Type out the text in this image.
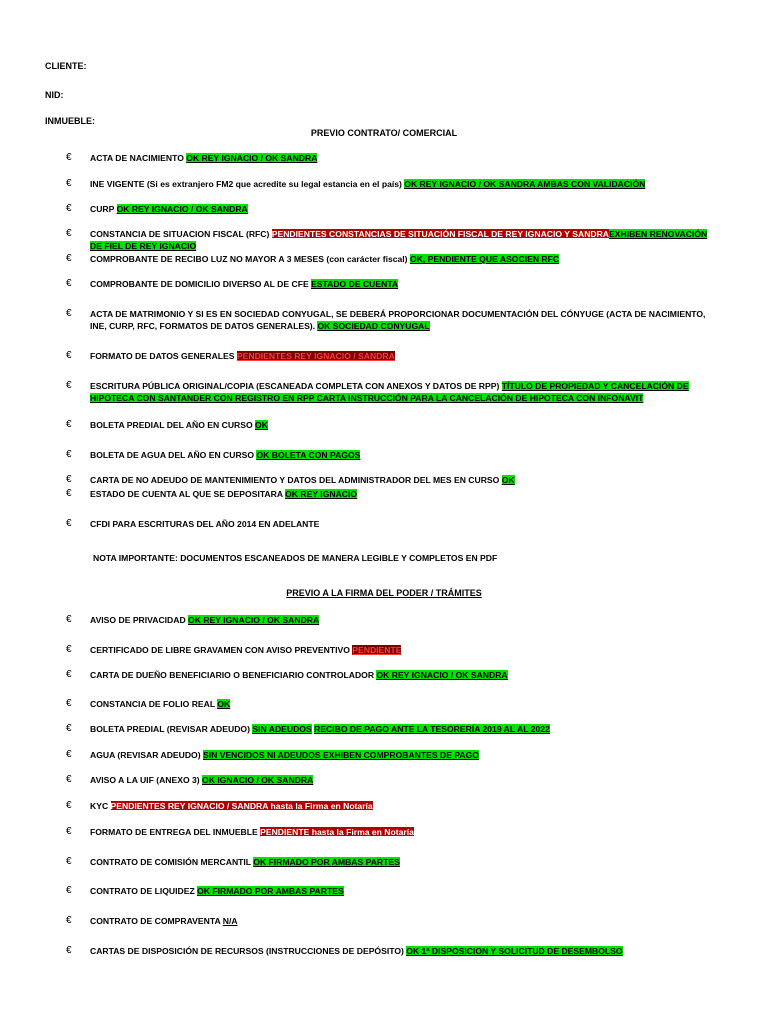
CLIENTE:
NID:
INMUEBLE:
PREVIO CONTRATO/ COMERCIAL
€ ACTA DE NACIMIENTO OK REY IGNACIO / OK SANDRA
€ INE VIGENTE (Si es extranjero FM2 que acredite su legal estancia en el país) OK REY IGNACIO / OK SANDRA AMBAS CON VALIDACIÓN
€ CURP OK REY IGNACIO / OK SANDRA
€ CONSTANCIA DE SITUACION FISCAL (RFC) PENDIENTES CONSTANCIAS DE SITUACIÓN FISCAL DE REY IGNACIO Y SANDRAEXHIBEN RENOVACIÓN DE FIEL DE REY IGNACIO
€ COMPROBANTE DE RECIBO LUZ NO MAYOR A 3 MESES (con carácter fiscal) OK, PENDIENTE QUE ASOCIEN RFC
€ COMPROBANTE DE DOMICILIO DIVERSO AL DE CFE ESTADO DE CUENTA
€ ACTA DE MATRIMONIO Y SI ES EN SOCIEDAD CONYUGAL, SE DEBERÁ PROPORCIONAR DOCUMENTACIÓN DEL CÓNYUGE (ACTA DE NACIMIENTO, INE, CURP, RFC, FORMATOS DE DATOS GENERALES). OK SOCIEDAD CONYUGAL
€ FORMATO DE DATOS GENERALES PENDIENTES REY IGNACIO / SANDRA
€ ESCRITURA PÚBLICA ORIGINAL/COPIA (ESCANEADA COMPLETA CON ANEXOS Y DATOS DE RPP) TÍTULO DE PROPIEDAD Y CANCELACIÓN DE HIPOTECA CON SANTANDER CON REGISTRO EN RPP CARTA INSTRUCCIÓN PARA LA CANCELACIÓN DE HIPOTECA CON INFONAVIT
€ BOLETA PREDIAL DEL AÑO EN CURSO OK
€ BOLETA DE AGUA DEL AÑO EN CURSO OK BOLETA CON PAGOS
€ CARTA DE NO ADEUDO DE MANTENIMIENTO Y DATOS DEL ADMINISTRADOR DEL MES EN CURSO OK
€ ESTADO DE CUENTA AL QUE SE DEPOSITARA OK REY IGNACIO
€ CFDI PARA ESCRITURAS DEL AÑO 2014 EN ADELANTE
NOTA IMPORTANTE: DOCUMENTOS ESCANEADOS DE MANERA LEGIBLE Y COMPLETOS EN PDF
PREVIO A LA FIRMA DEL PODER / TRÁMITES
€ AVISO DE PRIVACIDAD OK REY IGNACIO / OK SANDRA
€ CERTIFICADO DE LIBRE GRAVAMEN CON AVISO PREVENTIVO PENDIENTE
€ CARTA DE DUEÑO BENEFICIARIO O BENEFICIARIO CONTROLADOR OK REY IGNACIO / OK SANDRA
€ CONSTANCIA DE FOLIO REAL OK
€ BOLETA PREDIAL (REVISAR ADEUDO) SIN ADEUDOS RECIBO DE PAGO ANTE LA TESORERÍA 2019 AL AL 2022
€ AGUA (REVISAR ADEUDO) SIN VENCIDOS NI ADEUDOS EXHIBEN COMPROBANTES DE PAGO
€ AVISO A LA UIF (ANEXO 3) OK IGNACIO / OK SANDRA
€ KYC PENDIENTES REY IGNACIO / SANDRA hasta la Firma en Notaría
€ FORMATO DE ENTREGA DEL INMUEBLE PENDIENTE hasta la Firma en Notaría
€ CONTRATO DE COMISIÓN MERCANTIL OK FIRMADO POR AMBAS PARTES
€ CONTRATO DE LIQUIDEZ OK FIRMADO POR AMBAS PARTES
€ CONTRATO DE COMPRAVENTA N/A
€ CARTAS DE DISPOSICIÓN DE RECURSOS (INSTRUCCIONES DE DEPÓSITO) OK 1ª DISPOSICION Y SOLICITUD DE DESEMBOLSO
